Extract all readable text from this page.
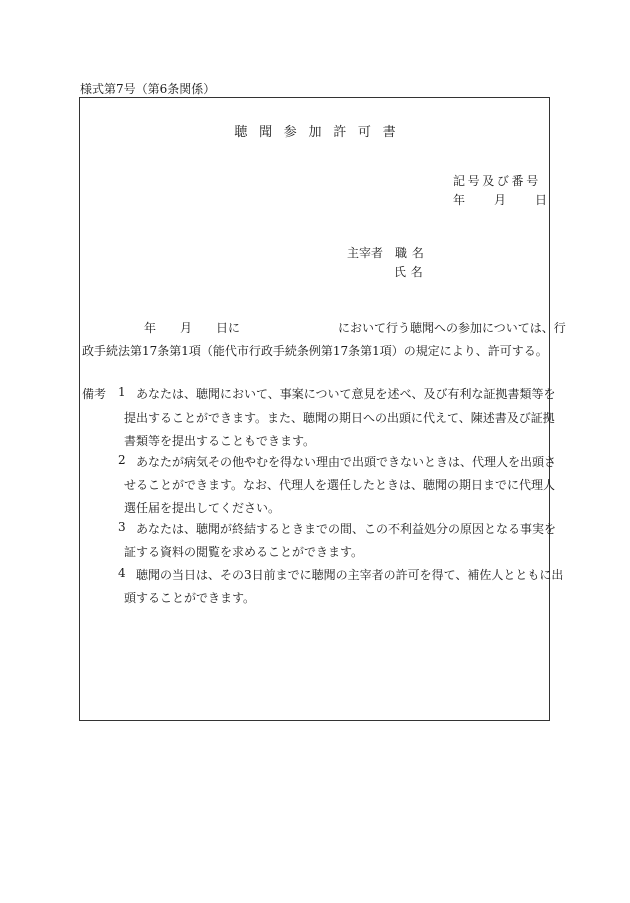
様式第7号（第6条関係）
聴聞参加許可書
記号及び番号
年 月 日
主宰者 職名
氏名
年 月 日に	において行う聴聞への参加については、行
政手続法第17条第1項（能代市行政手続条例第17条第1項）の規定により、許可する。
備考 1 あなたは、聴聞において、事案について意見を述べ、及び有利な証拠書類等を
提出することができます。また、聴聞の期日への出頭に代えて、陳述書及び証拠
書類等を提出することもできます。
2 あなたが病気その他やむを得ない理由で出頭できないときは、代理人を出頭さ
せることができます。なお、代理人を選任したときは、聴聞の期日までに代理人
選任届を提出してください。
3 あなたは、聴聞が終結するときまでの間、この不利益処分の原因となる事実を
証する資料の閲覧を求めることができます。
4 聴聞の当日は、その3日前までに聴聞の主宰者の許可を得て、補佐人とともに出
頭することができます。
